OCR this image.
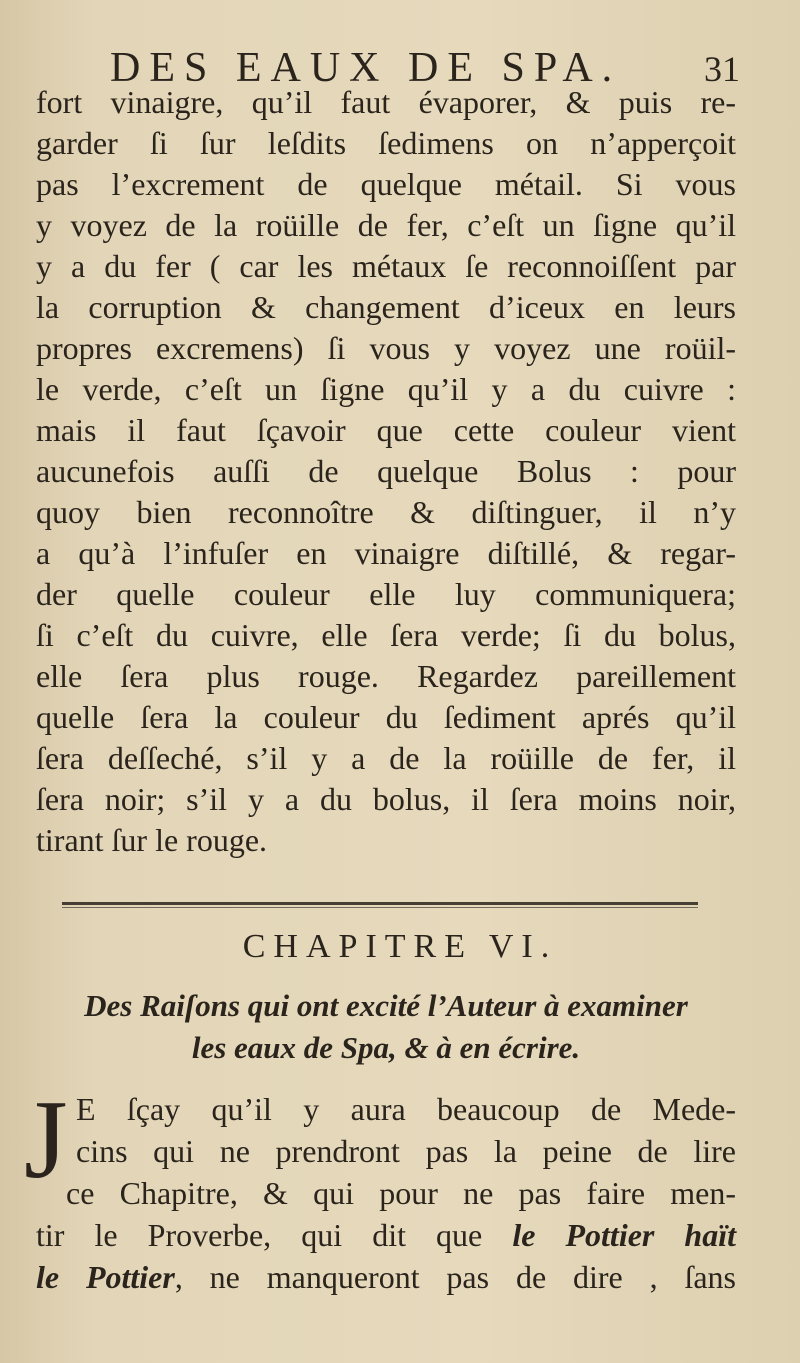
DES EAUX DE SPA. 31
fort vinaigre, qu’il faut évaporer, & puis re-
garder ſi ſur leſdits ſedimens on n’apperçoit
pas l’excrement de quelque métail. Si vous
y voyez de la roüille de fer, c’eſt un ſigne qu’il
y a du fer ( car les métaux ſe reconnoiſſent par
la corruption & changement d’iceux en leurs
propres excremens) ſi vous y voyez une roüil-
le verde, c’eſt un ſigne qu’il y a du cuivre :
mais il faut ſçavoir que cette couleur vient
aucunefois auſſi de quelque Bolus : pour
quoy bien reconnoître & diſtinguer, il n’y
a qu’à l’infuſer en vinaigre diſtillé, & regar-
der quelle couleur elle luy communiquera;
ſi c’eſt du cuivre, elle ſera verde; ſi du bolus,
elle ſera plus rouge. Regardez pareillement
quelle ſera la couleur du ſediment aprés qu’il
ſera deſſeché, s’il y a de la roüille de fer, il
ſera noir; s’il y a du bolus, il ſera moins noir,
tirant ſur le rouge.
CHAPITRE VI.
Des Raiſons qui ont excité l’Auteur à examiner
les eaux de Spa, & à en écrire.
J E ſçay qu’il y aura beaucoup de Mede-
cins qui ne prendront pas la peine de lire
ce Chapitre, & qui pour ne pas faire men-
tir le Proverbe, qui dit que le Pottier haït
le Pottier, ne manqueront pas de dire , ſans
